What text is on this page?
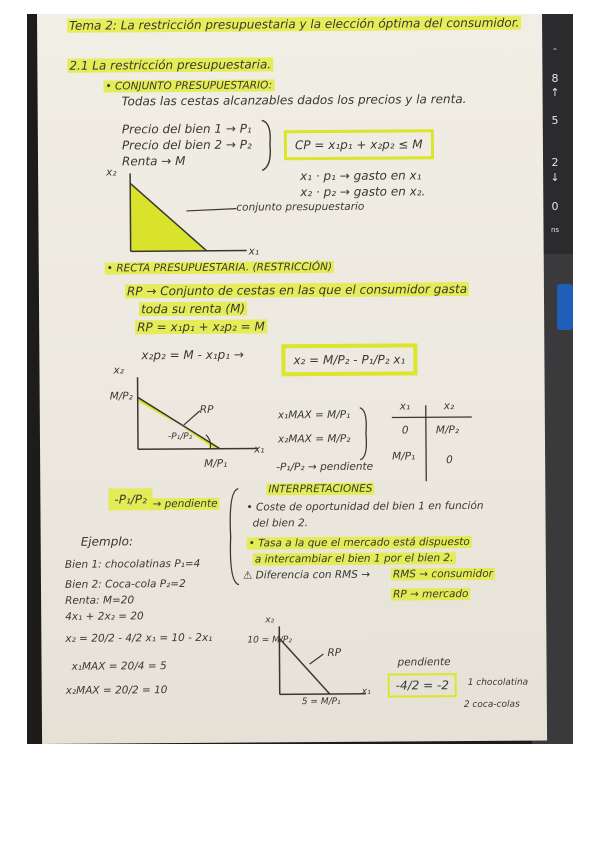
-
8
↑
5
2
↓
0
ns
Tema 2: La restricción presupuestaria y la elección óptima del consumidor.
2.1 La restricción presupuestaria.
• CONJUNTO PRESUPUESTARIO:
Todas las cestas alcanzables dados los precios y la renta.
Precio del bien 1 → P₁
Precio del bien 2 → P₂
Renta → M
CP = x₁p₁ + x₂p₂ ≤ M
x₁ · p₁ → gasto en x₁
x₂ · p₂ → gasto en x₂.
x₂
x₁
conjunto presupuestario
• RECTA PRESUPUESTARIA. (RESTRICCIÓN)
RP → Conjunto de cestas en las que el consumidor gasta
toda su renta (M)
RP = x₁p₁ + x₂p₂ = M
x₂p₂ = M - x₁p₁ →	x₂ = M/P₂ - P₁/P₂ x₁
x₂
M/P₂
RP
-P₁/P₂
M/P₁
x₁
x₁MAX = M/P₁
x₂MAX = M/P₂
-P₁/P₂ → pendiente
x₁	x₂
0	M/P₂
M/P₁	0
-P₁/P₂ → pendiente
INTERPRETACIONES
• Coste de oportunidad del bien 1 en función
del bien 2.
• Tasa a la que el mercado está dispuesto
a intercambiar el bien 1 por el bien 2.
⚠ Diferencia con RMS → RMS → consumidor
RP → mercado
Ejemplo:
Bien 1: chocolatinas P₁=4
Bien 2: Coca-cola P₂=2
Renta: M=20
4x₁ + 2x₂ = 20
x₂ = 20/2 - 4/2 x₁ = 10 - 2x₁
x₁MAX = 20/4 = 5
x₂MAX = 20/2 = 10
x₂
10 = M/P₂
RP
x₁
5 = M/P₁
pendiente
-4/2 = -2	1 chocolatina
2 coca-colas
